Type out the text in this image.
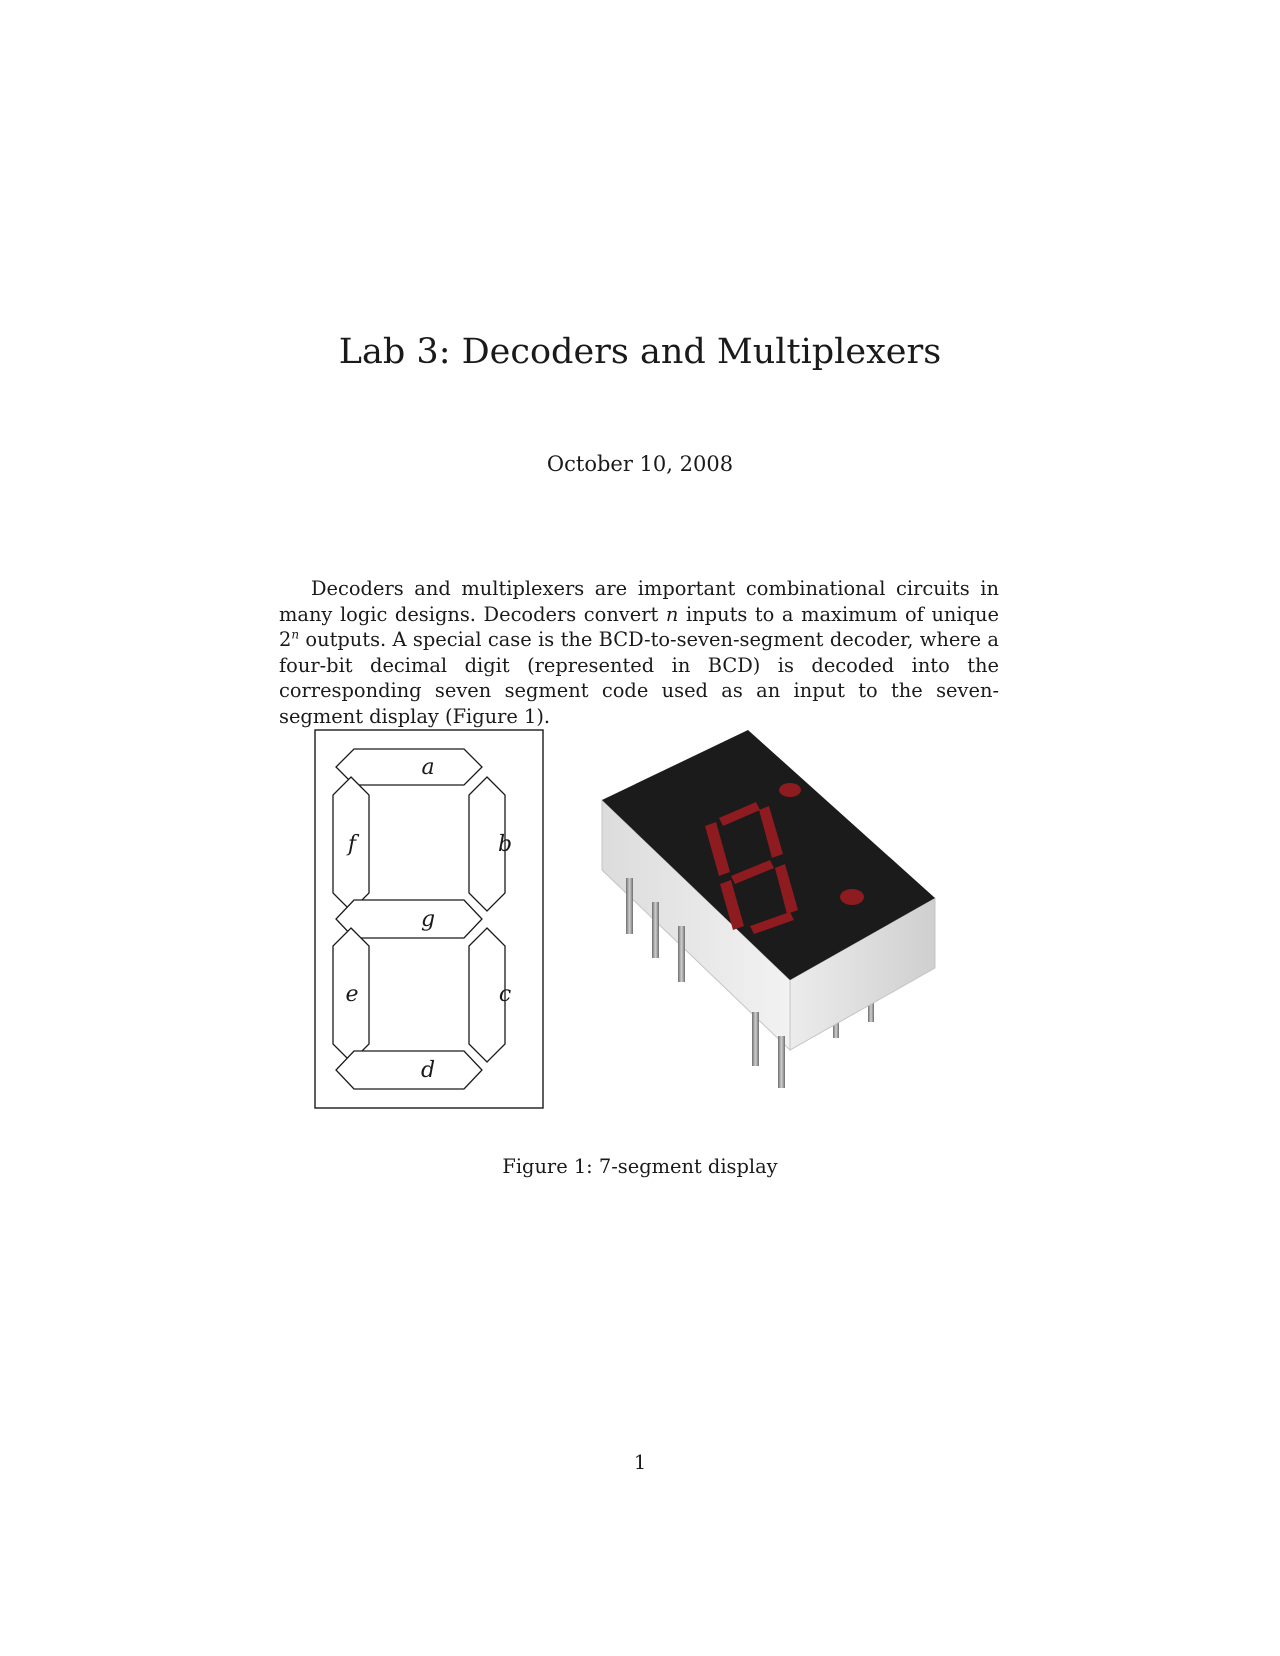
Lab 3: Decoders and Multiplexers
October 10, 2008
Decoders and multiplexers are important combinational circuits in many logic designs. Decoders convert n inputs to a maximum of unique 2$^n$ outputs. A special case is the BCD-to-seven-segment decoder, where a four-bit decimal digit (represented in BCD) is decoded into the corresponding seven segment code used as an input to the seven-segment display (Figure 1).
a
f	b
g
e	c
d
Figure 1: 7-segment display
1
